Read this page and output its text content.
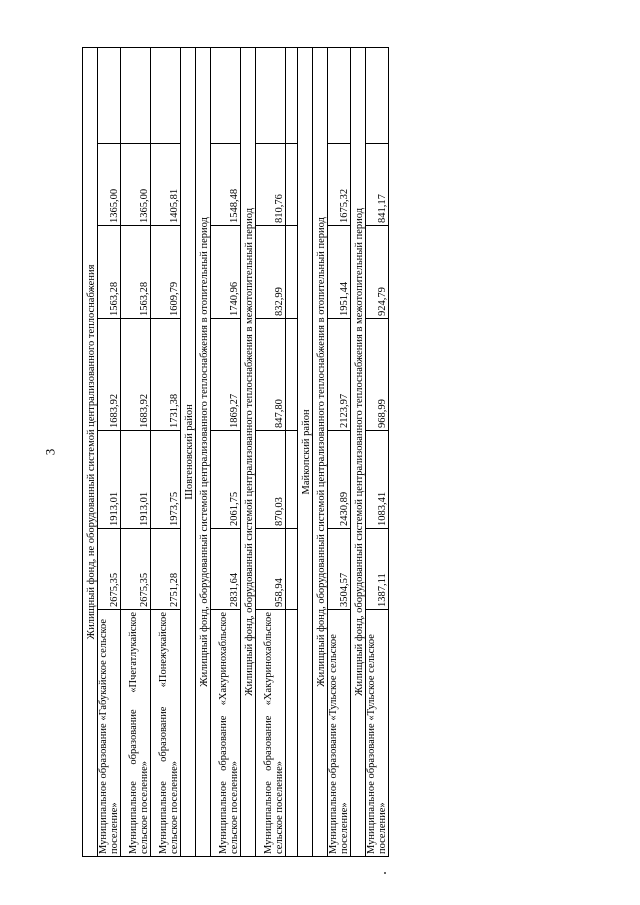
3	Жилищный фонд, не оборудованный системой централизованного теплоснабжения						
Муниципальное образование «Габукайское сельское поселение»	2675,35	1913,01	1683,92	1563,28	1365,00	
Муниципальное образование «Пчегатлукайское сельское поселение»	2675,35	1913,01	1683,92	1563,28	1365,00	
Муниципальное образование «Понежукайское сельское поселение»	2751,28	1973,75	1731,38	1609,79	1405,81	
Шовгеновский район						
Жилищный фонд, оборудованный системой централизованного теплоснабжения в отопительный период						
Муниципальное образование «Хакуринохабльское сельское поселение»	2831,64	2061,75	1869,27	1740,96	1548,48	
Жилищный фонд, оборудованный системой централизованного теплоснабжения в межотопительный период						
Муниципальное образование «Хакуринохабльское сельское поселение»	958,94	870,03	847,80	832,99	810,76	

Майкопский район						
Жилищный фонд, оборудованный системой централизованного теплоснабжения в отопительный период						
Муниципальное образование «Тульское сельское поселение»	3504,57	2430,89	2123,97	1951,44	1675,32	
Жилищный фонд, оборудованный системой централизованного теплоснабжения в межотопительный период						
Муниципальное образование «Тульское сельское поселение»	1387,11	1083,41	968,99	924,79	841,17	
